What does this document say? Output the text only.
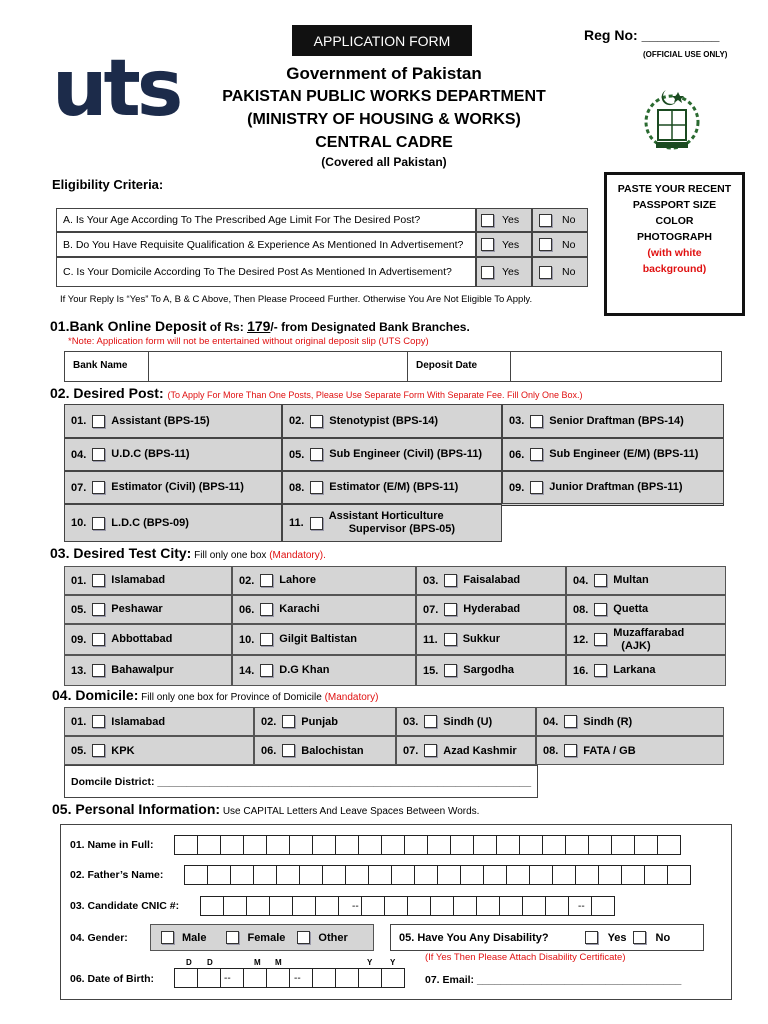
APPLICATION FORM	Reg No: __________
(OFFICIAL USE ONLY)
uts	Government of Pakistan
PAKISTAN PUBLIC WORKS DEPARTMENT
(MINISTRY OF HOUSING & WORKS)
CENTRAL CADRE
(Covered all Pakistan)
PASTE YOUR RECENT
PASSPORT SIZE
COLOR
PHOTOGRAPH
(with white
background)
Eligibility Criteria:
A. Is Your Age According To The Prescribed Age Limit For The Desired Post?	Yes	No
B. Do You Have Requisite Qualification & Experience As Mentioned In Advertisement?	Yes	No
C. Is Your Domicile According To The Desired Post As Mentioned In Advertisement?	Yes	No
If Your Reply Is “Yes” To A, B & C Above, Then Please Proceed Further. Otherwise You Are Not Eligible To Apply.
01.Bank Online Deposit of Rs: 179/- from Designated Bank Branches.
*Note: Application form will not be entertained without original deposit slip (UTS Copy)
Bank Name	Deposit Date
02. Desired Post: (To Apply For More Than One Posts, Please Use Separate Form With Separate Fee. Fill Only One Box.)
01. Assistant (BPS-15)	02. Stenotypist (BPS-14)	03. Senior Draftman (BPS-14)
04. U.D.C (BPS-11)	05. Sub Engineer (Civil) (BPS-11) 06. Sub Engineer (E/M) (BPS-11)
07. Estimator (Civil) (BPS-11)	08. Estimator (E/M) (BPS-11)	09. Junior Draftman (BPS-11)
10. L.D.C (BPS-09)	11.
Assistant Horticulture
Supervisor (BPS-05)
03. Desired Test City: Fill only one box (Mandatory).
01. Islamabad	02. Lahore	03. Faisalabad	04. Multan
05. Peshawar	06. Karachi	07. Hyderabad	08. Quetta
09. Abbottabad	10. Gilgit Baltistan	11. Sukkur	12.
Muzaffarabad
(AJK)
13. Bahawalpur	14. D.G Khan	15. Sargodha	16. Larkana
04. Domicile: Fill only one box for Province of Domicile (Mandatory)
01. Islamabad	02. Punjab	03. Sindh (U)	04. Sindh (R)
05. KPK	06. Balochistan	07. Azad Kashmir 08. FATA / GB
Domcile District: ________________________________________________________________
05. Personal Information: Use CAPITAL Letters And Leave Spaces Between Words.
01. Name in Full:
02. Father’s Name:
03. Candidate CNIC #:	--	--
04. Gender:	Male	Female	Other	05. Have You Any Disability?	Yes	No
(If Yes Then Please Attach Disability Certificate)
D D	M M	Y Y
06. Date of Birth:	--	--	07. Email: ___________________________________
